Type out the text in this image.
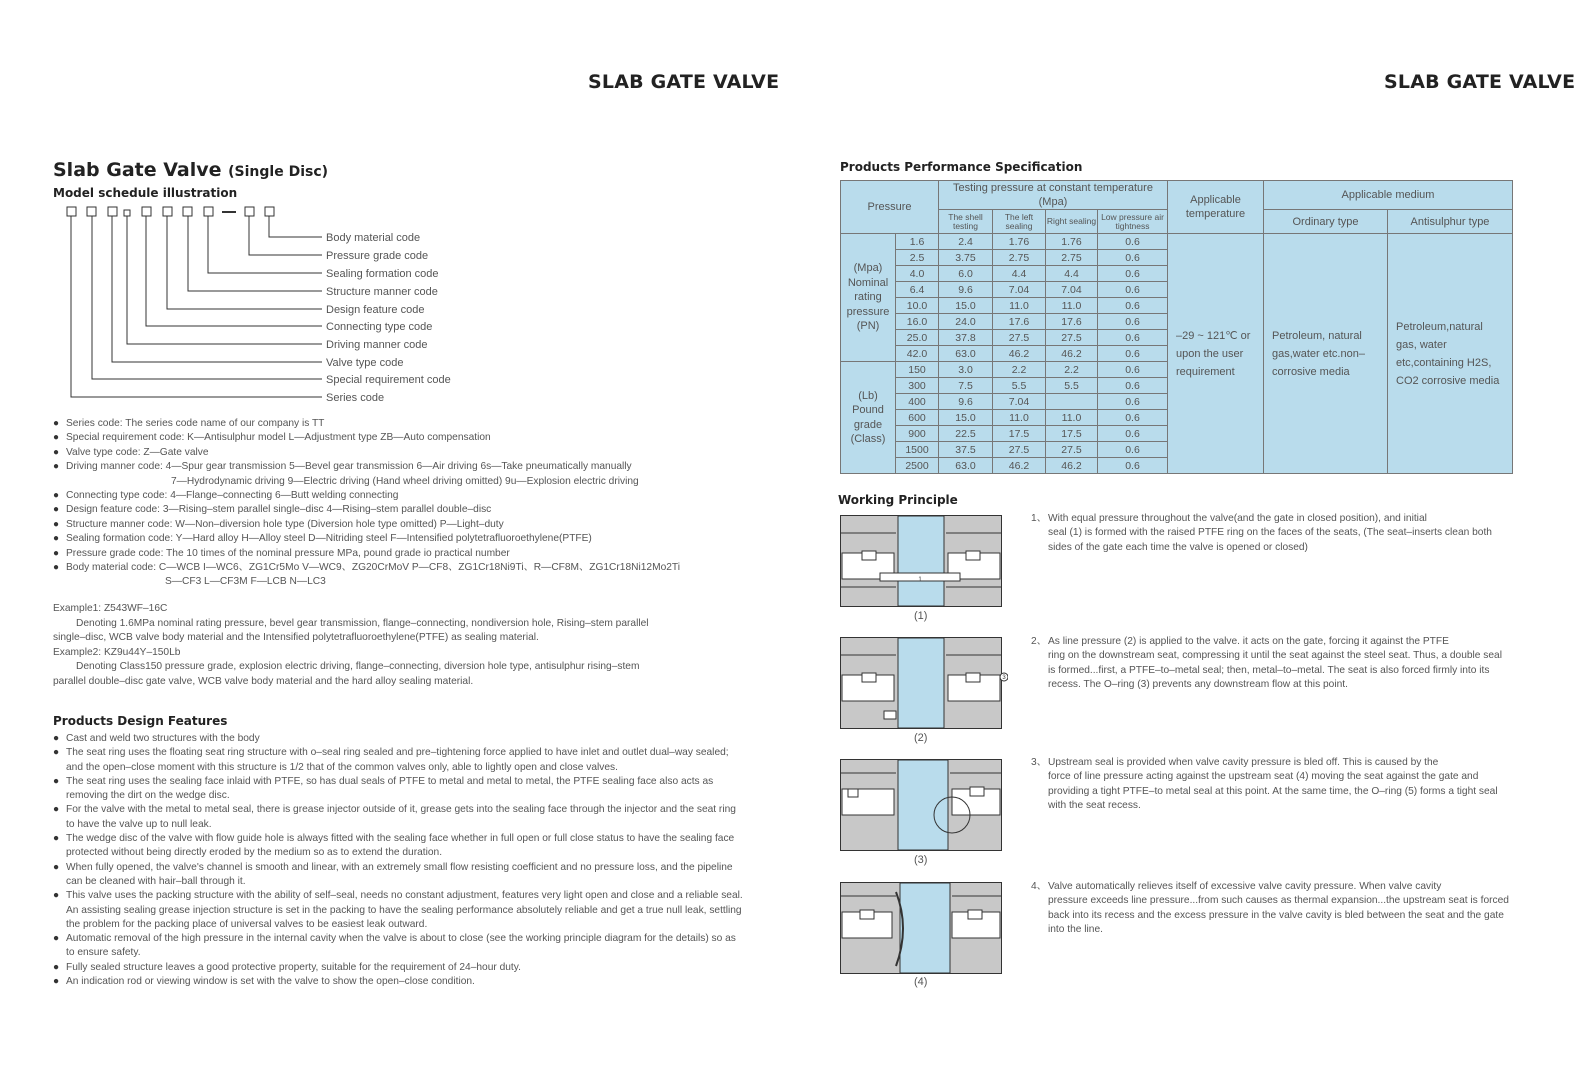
SLAB GATE VALVE	SLAB GATE VALVE
Slab Gate Valve (Single Disc)
Model schedule illustration
Body material code
Pressure grade code
Sealing formation code
Structure manner code
Design feature code
Connecting type code
Driving manner code
Valve type code
Special requirement code
Series code
● Series code: The series code name of our company is TT
● Special requirement code: K—Antisulphur model L—Adjustment type ZB—Auto compensation
● Valve type code: Z—Gate valve
● Driving manner code: 4—Spur gear transmission 5—Bevel gear transmission 6—Air driving 6s—Take pneumatically manually
7—Hydrodynamic driving 9—Electric driving (Hand wheel driving omitted) 9u—Explosion electric driving
● Connecting type code: 4—Flange–connecting 6—Butt welding connecting
● Design feature code: 3—Rising–stem parallel single–disc 4—Rising–stem parallel double–disc
● Structure manner code: W—Non–diversion hole type (Diversion hole type omitted) P—Light–duty
● Sealing formation code: Y—Hard alloy H—Alloy steel D—Nitriding steel F—Intensified polytetrafluoroethylene(PTFE)
● Pressure grade code: The 10 times of the nominal pressure MPa, pound grade io practical number
● Body material code: C—WCB I—WC6、ZG1Cr5Mo V—WC9、ZG20CrMoV P—CF8、ZG1Cr18Ni9Ti、R—CF8M、ZG1Cr18Ni12Mo2Ti
S—CF3 L—CF3M F—LCB N—LC3

Example1: Z543WF–16C

Denoting 1.6MPa nominal rating pressure, bevel gear transmission, flange–connecting, nondiversion hole, Rising–stem parallel

single–disc, WCB valve body material and the Intensified polytetrafluoroethylene(PTFE) as sealing material.

Example2: KZ9u44Y–150Lb

Denoting Class150 pressure grade, explosion electric driving, flange–connecting, diversion hole type, antisulphur rising–stem

parallel double–disc gate valve, WCB valve body material and the hard alloy sealing material.

Products Design Features
● Cast and weld two structures with the body
● The seat ring uses the floating seat ring structure with o–seal ring sealed and pre–tightening force applied to have inlet and outlet dual–way sealed; and the open–close moment with this structure is 1/2 that of the common valves only, able to lightly open and close valves.
● The seat ring uses the sealing face inlaid with PTFE, so has dual seals of PTFE to metal and metal to metal, the PTFE sealing face also acts as removing the dirt on the wedge disc.
● For the valve with the metal to metal seal, there is grease injector outside of it, grease gets into the sealing face through the injector and the seat ring to have the valve up to null leak.
● The wedge disc of the valve with flow guide hole is always fitted with the sealing face whether in full open or full close status to have the sealing face protected without being directly eroded by the medium so as to extend the duration.
● When fully opened, the valve's channel is smooth and linear, with an extremely small flow resisting coefficient and no pressure loss, and the pipeline can be cleaned with hair–ball through it.
● This valve uses the packing structure with the ability of self–seal, needs no constant adjustment, features very light open and close and a reliable seal. An assisting sealing grease injection structure is set in the packing to have the sealing performance absolutely reliable and get a true null leak, settling the problem for the packing place of universal valves to be easiest leak outward.
● Automatic removal of the high pressure in the internal cavity when the valve is about to close (see the working principle diagram for the details) so as to ensure safety.
● Fully sealed structure leaves a good protective property, suitable for the requirement of 24–hour duty.
● An indication rod or viewing window is set with the valve to show the open–close condition.
Products Performance Specification
Pressure		Testing pressure at constant temperature (Mpa)				Applicable temperature	Applicable medium	
		The shell testing	The left sealing	Right sealing	Low pressure air tightness		Ordinary type	Antisulphur type
(Mpa) Nominal rating pressure (PN)	1.6	2.4	1.76	1.76	0.6	–29 ~ 121℃ or upon the user requirement	Petroleum, natural gas,water etc.non–corrosive media	Petroleum,natural gas, water etc,containing H2S, CO2 corrosive media
	2.5	3.75	2.75	2.75	0.6			
	4.0	6.0	4.4	4.4	0.6			
	6.4	9.6	7.04	7.04	0.6			
	10.0	15.0	11.0	11.0	0.6			
	16.0	24.0	17.6	17.6	0.6			
	25.0	37.8	27.5	27.5	0.6			
	42.0	63.0	46.2	46.2	0.6			
(Lb) Pound grade (Class)	150	3.0	2.2	2.2	0.6			
	300	7.5	5.5	5.5	0.6			
	400	9.6	7.04		0.6			
	600	15.0	11.0	11.0	0.6			
	900	22.5	17.5	17.5	0.6			
	1500	37.5	27.5	27.5	0.6			
	2500	63.0	46.2	46.2	0.6			
Working Principle
1
(1)
3
(2)
(3)
(4)
1、With equal pressure throughout the valve(and the gate in closed position), and initial
seal (1) is formed with the raised PTFE ring on the faces of the seats, (The seat–inserts clean both sides of the gate each time the valve is opened or closed)
2、As line pressure (2) is applied to the valve. it acts on the gate, forcing it against the PTFE
ring on the downstream seat, compressing it until the seat against the steel seat. Thus, a double seal is formed...first, a PTFE–to–metal seal; then, metal–to–metal. The seat is also forced firmly into its recess. The O–ring (3) prevents any downstream flow at this point.
3、Upstream seal is provided when valve cavity pressure is bled off. This is caused by the
force of line pressure acting against the upstream seat (4) moving the seat against the gate and providing a tight PTFE–to metal seal at this point. At the same time, the O–ring (5) forms a tight seal with the seat recess.
4、Valve automatically relieves itself of excessive valve cavity pressure. When valve cavity
pressure exceeds line pressure...from such causes as thermal expansion...the upstream seat is forced back into its recess and the excess pressure in the valve cavity is bled between the seat and the gate into the line.
